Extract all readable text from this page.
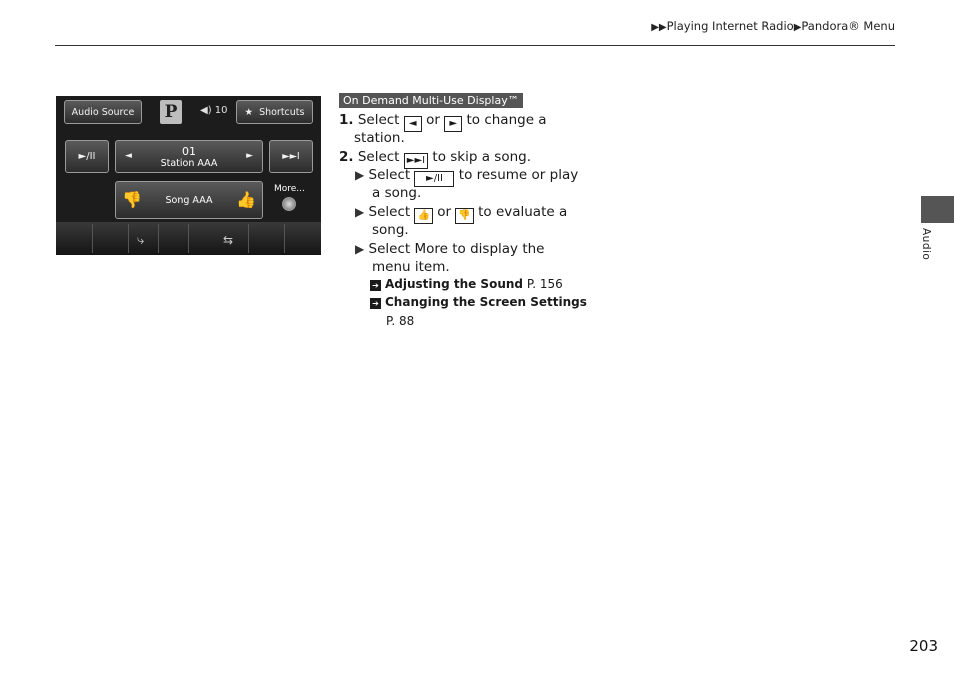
▶▶Playing Internet Radio▶Pandora® Menu
Audio Source	P	◀) 10 ★ Shortcuts
►/II	◄	01
Station AAA
►	►►I
👎	Song AAA	👍
More...
$_⤷$	$_⇆$
On Demand Multi-Use Display™
1. Select ◄ or ► to change a
station.
2. Select ►►I to skip a song.
▶ Select ►/II to resume or play
a song.
▶ Select 👍 or 👎 to evaluate a
song.
▶ Select More to display the
menu item.
➔ Adjusting the Sound P. 156
➔ Changing the Screen Settings
P. 88
Audio
203
